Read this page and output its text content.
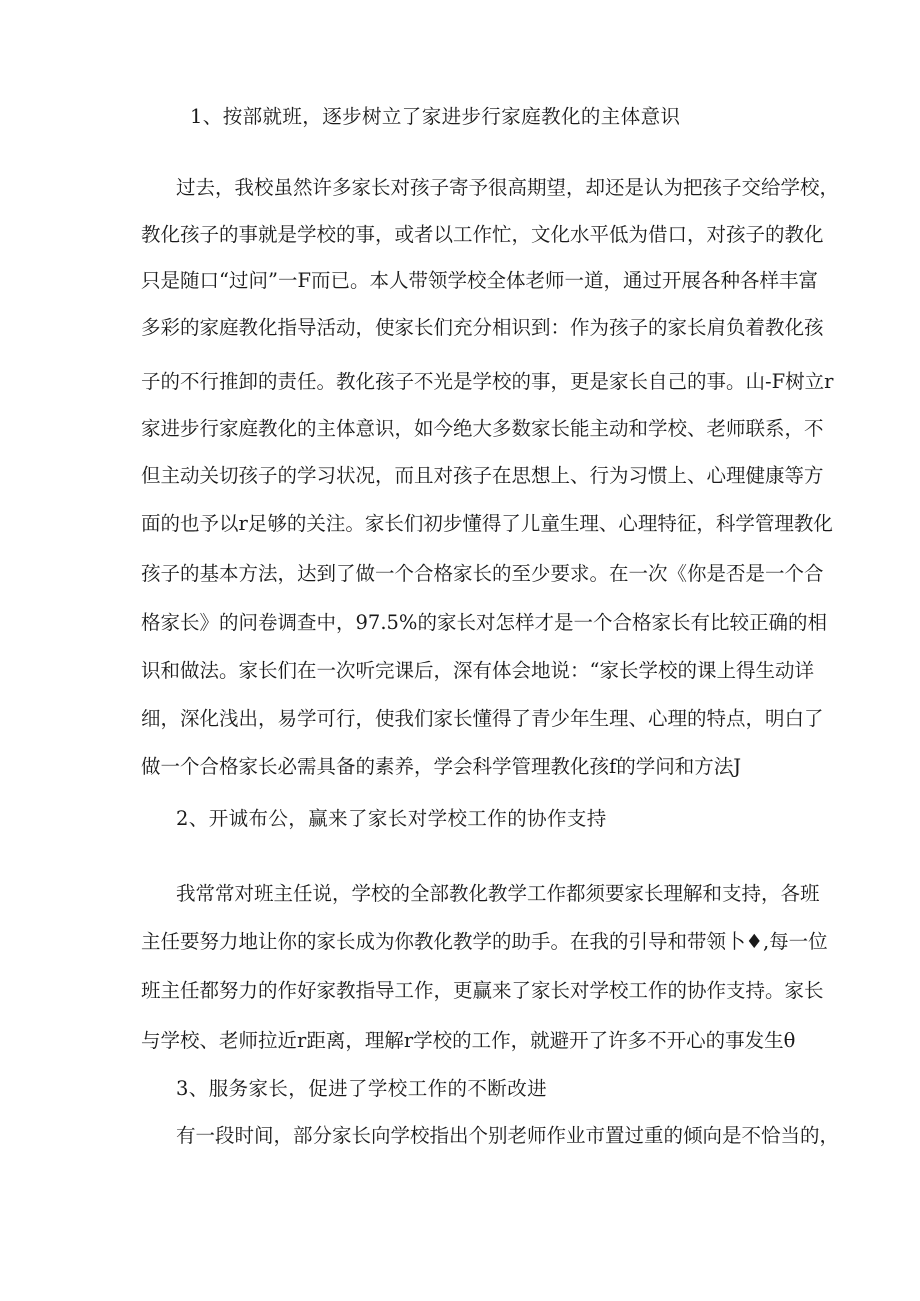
1、按部就班，逐步树立了家进步行家庭教化的主体意识
过去，我校虽然许多家长对孩子寄予很高期望，却还是认为把孩子交给学校，
教化孩子的事就是学校的事，或者以工作忙，文化水平低为借口，对孩子的教化
只是随口“过问”一F而已。本人带领学校全体老师一道，通过开展各种各样丰富
多彩的家庭教化指导活动，使家长们充分相识到：作为孩子的家长肩负着教化孩
子的不行推卸的责任。教化孩子不光是学校的事，更是家长自己的事。山-F树立r
家进步行家庭教化的主体意识，如今绝大多数家长能主动和学校、老师联系，不
但主动关切孩子的学习状况，而且对孩子在思想上、行为习惯上、心理健康等方
面的也予以r足够的关注。家长们初步懂得了儿童生理、心理特征，科学管理教化
孩子的基本方法，达到了做一个合格家长的至少要求。在一次《你是否是一个合
格家长》的问卷调查中，97.5%的家长对怎样才是一个合格家长有比较正确的相
识和做法。家长们在一次听完课后，深有体会地说：“家长学校的课上得生动详
细，深化浅出，易学可行，使我们家长懂得了青少年生理、心理的特点，明白了
做一个合格家长必需具备的素养，学会科学管理教化孩f的学问和方法J
2、开诚布公，赢来了家长对学校工作的协作支持
我常常对班主任说，学校的全部教化教学工作都须要家长理解和支持，各班
主任要努力地让你的家长成为你教化教学的助手。在我的引导和带领卜♦,每一位
班主任都努力的作好家教指导工作，更赢来了家长对学校工作的协作支持。家长
与学校、老师拉近r距离，理解r学校的工作，就避开了许多不开心的事发生θ
3、服务家长，促进了学校工作的不断改进
有一段时间，部分家长向学校指出个别老师作业市置过重的倾向是不恰当的，
